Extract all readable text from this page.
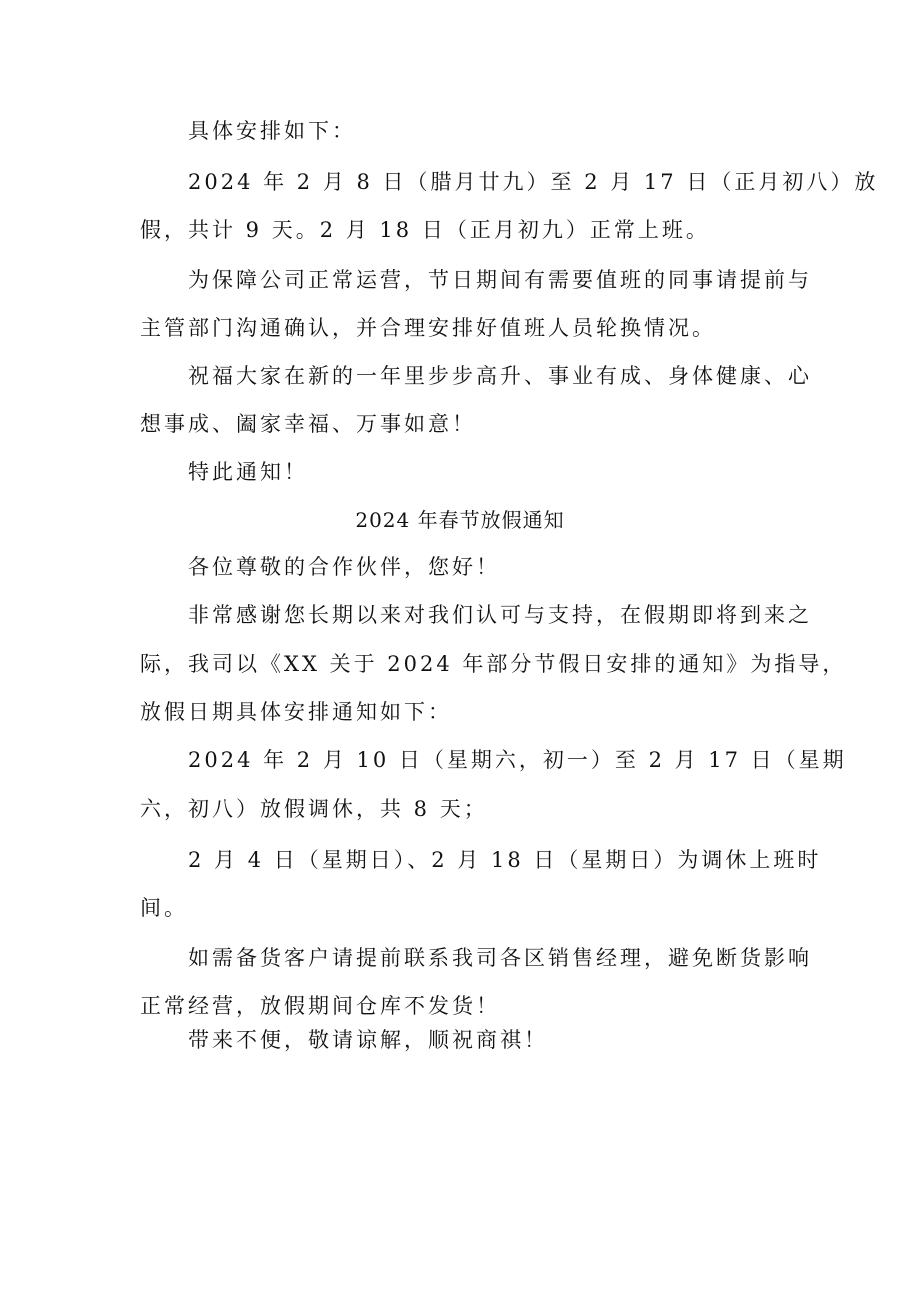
具体安排如下：
2024 年 2 月 8 日（腊月廿九）至 2 月 17 日（正月初八）放
假，共计 9 天。2 月 18 日（正月初九）正常上班。
为保障公司正常运营，节日期间有需要值班的同事请提前与
主管部门沟通确认，并合理安排好值班人员轮换情况。
祝福大家在新的一年里步步高升、事业有成、身体健康、心
想事成、阖家幸福、万事如意！
特此通知！
2024 年春节放假通知
各位尊敬的合作伙伴，您好！
非常感谢您长期以来对我们认可与支持，在假期即将到来之
际，我司以《XX 关于 2024 年部分节假日安排的通知》为指导，
放假日期具体安排通知如下：
2024 年 2 月 10 日（星期六，初一）至 2 月 17 日（星期
六，初八）放假调休，共 8 天；
2 月 4 日（星期日）、2 月 18 日（星期日）为调休上班时
间。
如需备货客户请提前联系我司各区销售经理，避免断货影响
正常经营，放假期间仓库不发货！
带来不便，敬请谅解，顺祝商祺！
